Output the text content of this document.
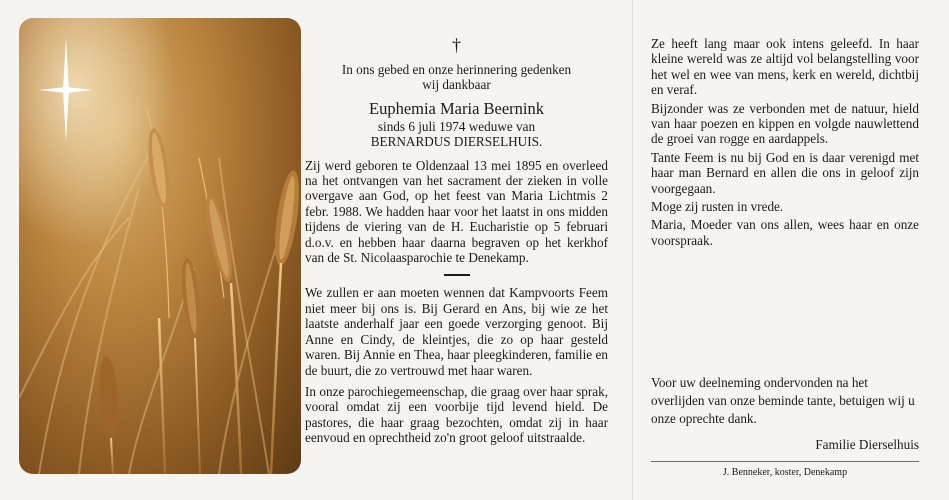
†
In ons gebed en onze herinnering gedenken
wij dankbaar
Euphemia Maria Beernink
sinds 6 juli 1974 weduwe van
BERNARDUS DIERSELHUIS.

Zij werd geboren te Oldenzaal 13 mei 1895 en overleed na het ontvangen van het sacrament der zieken in volle overgave aan God, op het feest van Maria Lichtmis 2 febr. 1988. We hadden haar voor het laatst in ons midden tijdens de viering van de H. Eucharistie op 5 februari d.o.v. en hebben haar daarna begraven op het kerkhof van de St. Nicolaasparochie te Denekamp.

We zullen er aan moeten wennen dat Kampvoorts Feem niet meer bij ons is. Bij Gerard en Ans, bij wie ze het laatste anderhalf jaar een goede verzorging genoot. Bij Anne en Cindy, de kleintjes, die zo op haar gesteld waren. Bij Annie en Thea, haar pleegkinderen, familie en de buurt, die zo vertrouwd met haar waren.

In onze parochiegemeenschap, die graag over haar sprak, vooral omdat zij een voorbije tijd levend hield. De pastores, die haar graag bezochten, omdat zij in haar eenvoud en oprechtheid zo'n groot geloof uitstraalde.

Ze heeft lang maar ook intens geleefd. In haar kleine wereld was ze altijd vol belangstelling voor het wel en wee van mens, kerk en wereld, dichtbij en veraf.

Bijzonder was ze verbonden met de natuur, hield van haar poezen en kippen en volgde nauwlettend de groei van rogge en aardappels.

Tante Feem is nu bij God en is daar verenigd met haar man Bernard en allen die ons in geloof zijn voorgegaan.

Moge zij rusten in vrede.

Maria, Moeder van ons allen, wees haar en onze voorspraak.

Voor uw deelneming ondervonden na het overlijden van onze beminde tante, betuigen wij u onze oprechte dank.

Familie Dierselhuis
J. Benneker, koster, Denekamp
